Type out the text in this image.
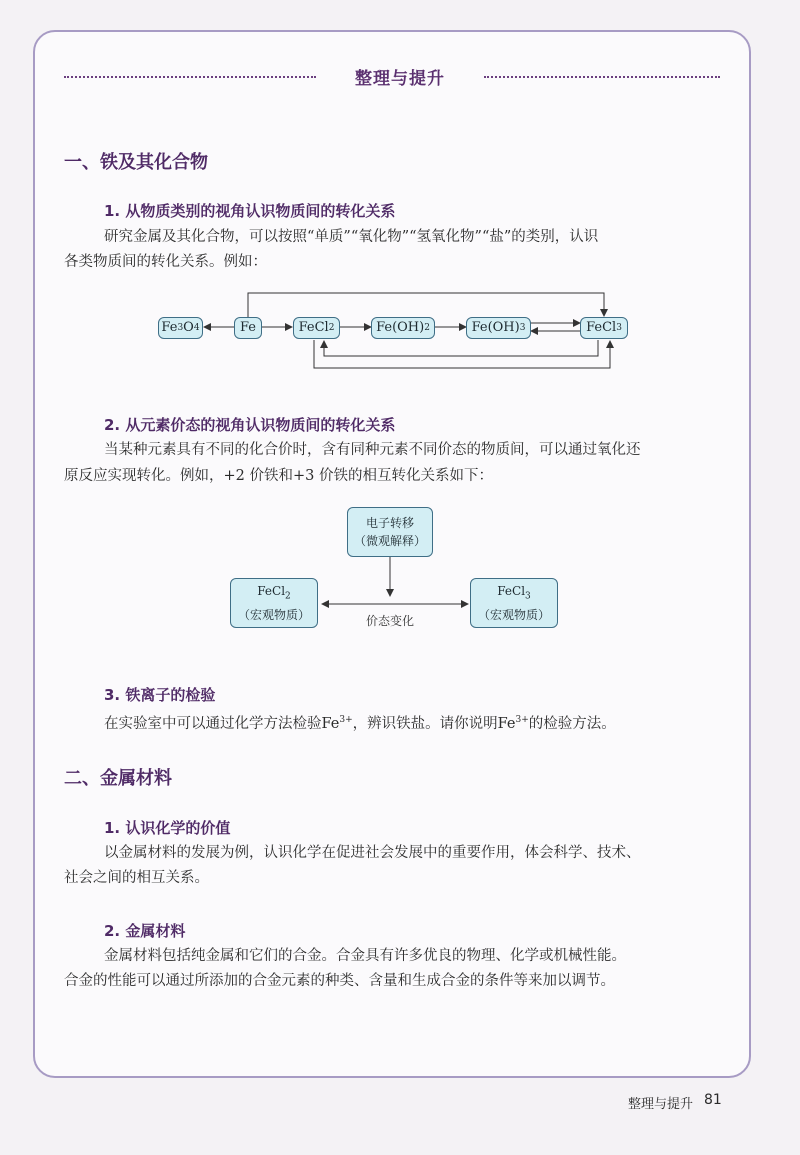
整理与提升
一、铁及其化合物
1. 从物质类别的视角认识物质间的转化关系
研究金属及其化合物，可以按照“单质”“氧化物”“氢氧化物”“盐”的类别，认识
各类物质间的转化关系。例如：
Fe 3 O 4	Fe	FeCl 2	Fe(OH) 2	Fe(OH) 3	FeCl 3
2. 从元素价态的视角认识物质间的转化关系
当某种元素具有不同的化合价时，含有同种元素不同价态的物质间，可以通过氧化还
原反应实现转化。例如，+2 价铁和+3 价铁的相互转化关系如下：
电子转移
（微观解释）
FeCl$_2$
（宏观物质）
FeCl$_3$
（宏观物质）
价态变化
3. 铁离子的检验
在实验室中可以通过化学方法检验$Fe^{3+}$，辨识铁盐。请你说明$Fe^{3+}$的检验方法。
二、金属材料
1. 认识化学的价值
以金属材料的发展为例，认识化学在促进社会发展中的重要作用，体会科学、技术、
社会之间的相互关系。
2. 金属材料
金属材料包括纯金属和它们的合金。合金具有许多优良的物理、化学或机械性能。
合金的性能可以通过所添加的合金元素的种类、含量和生成合金的条件等来加以调节。
整理与提升 81
